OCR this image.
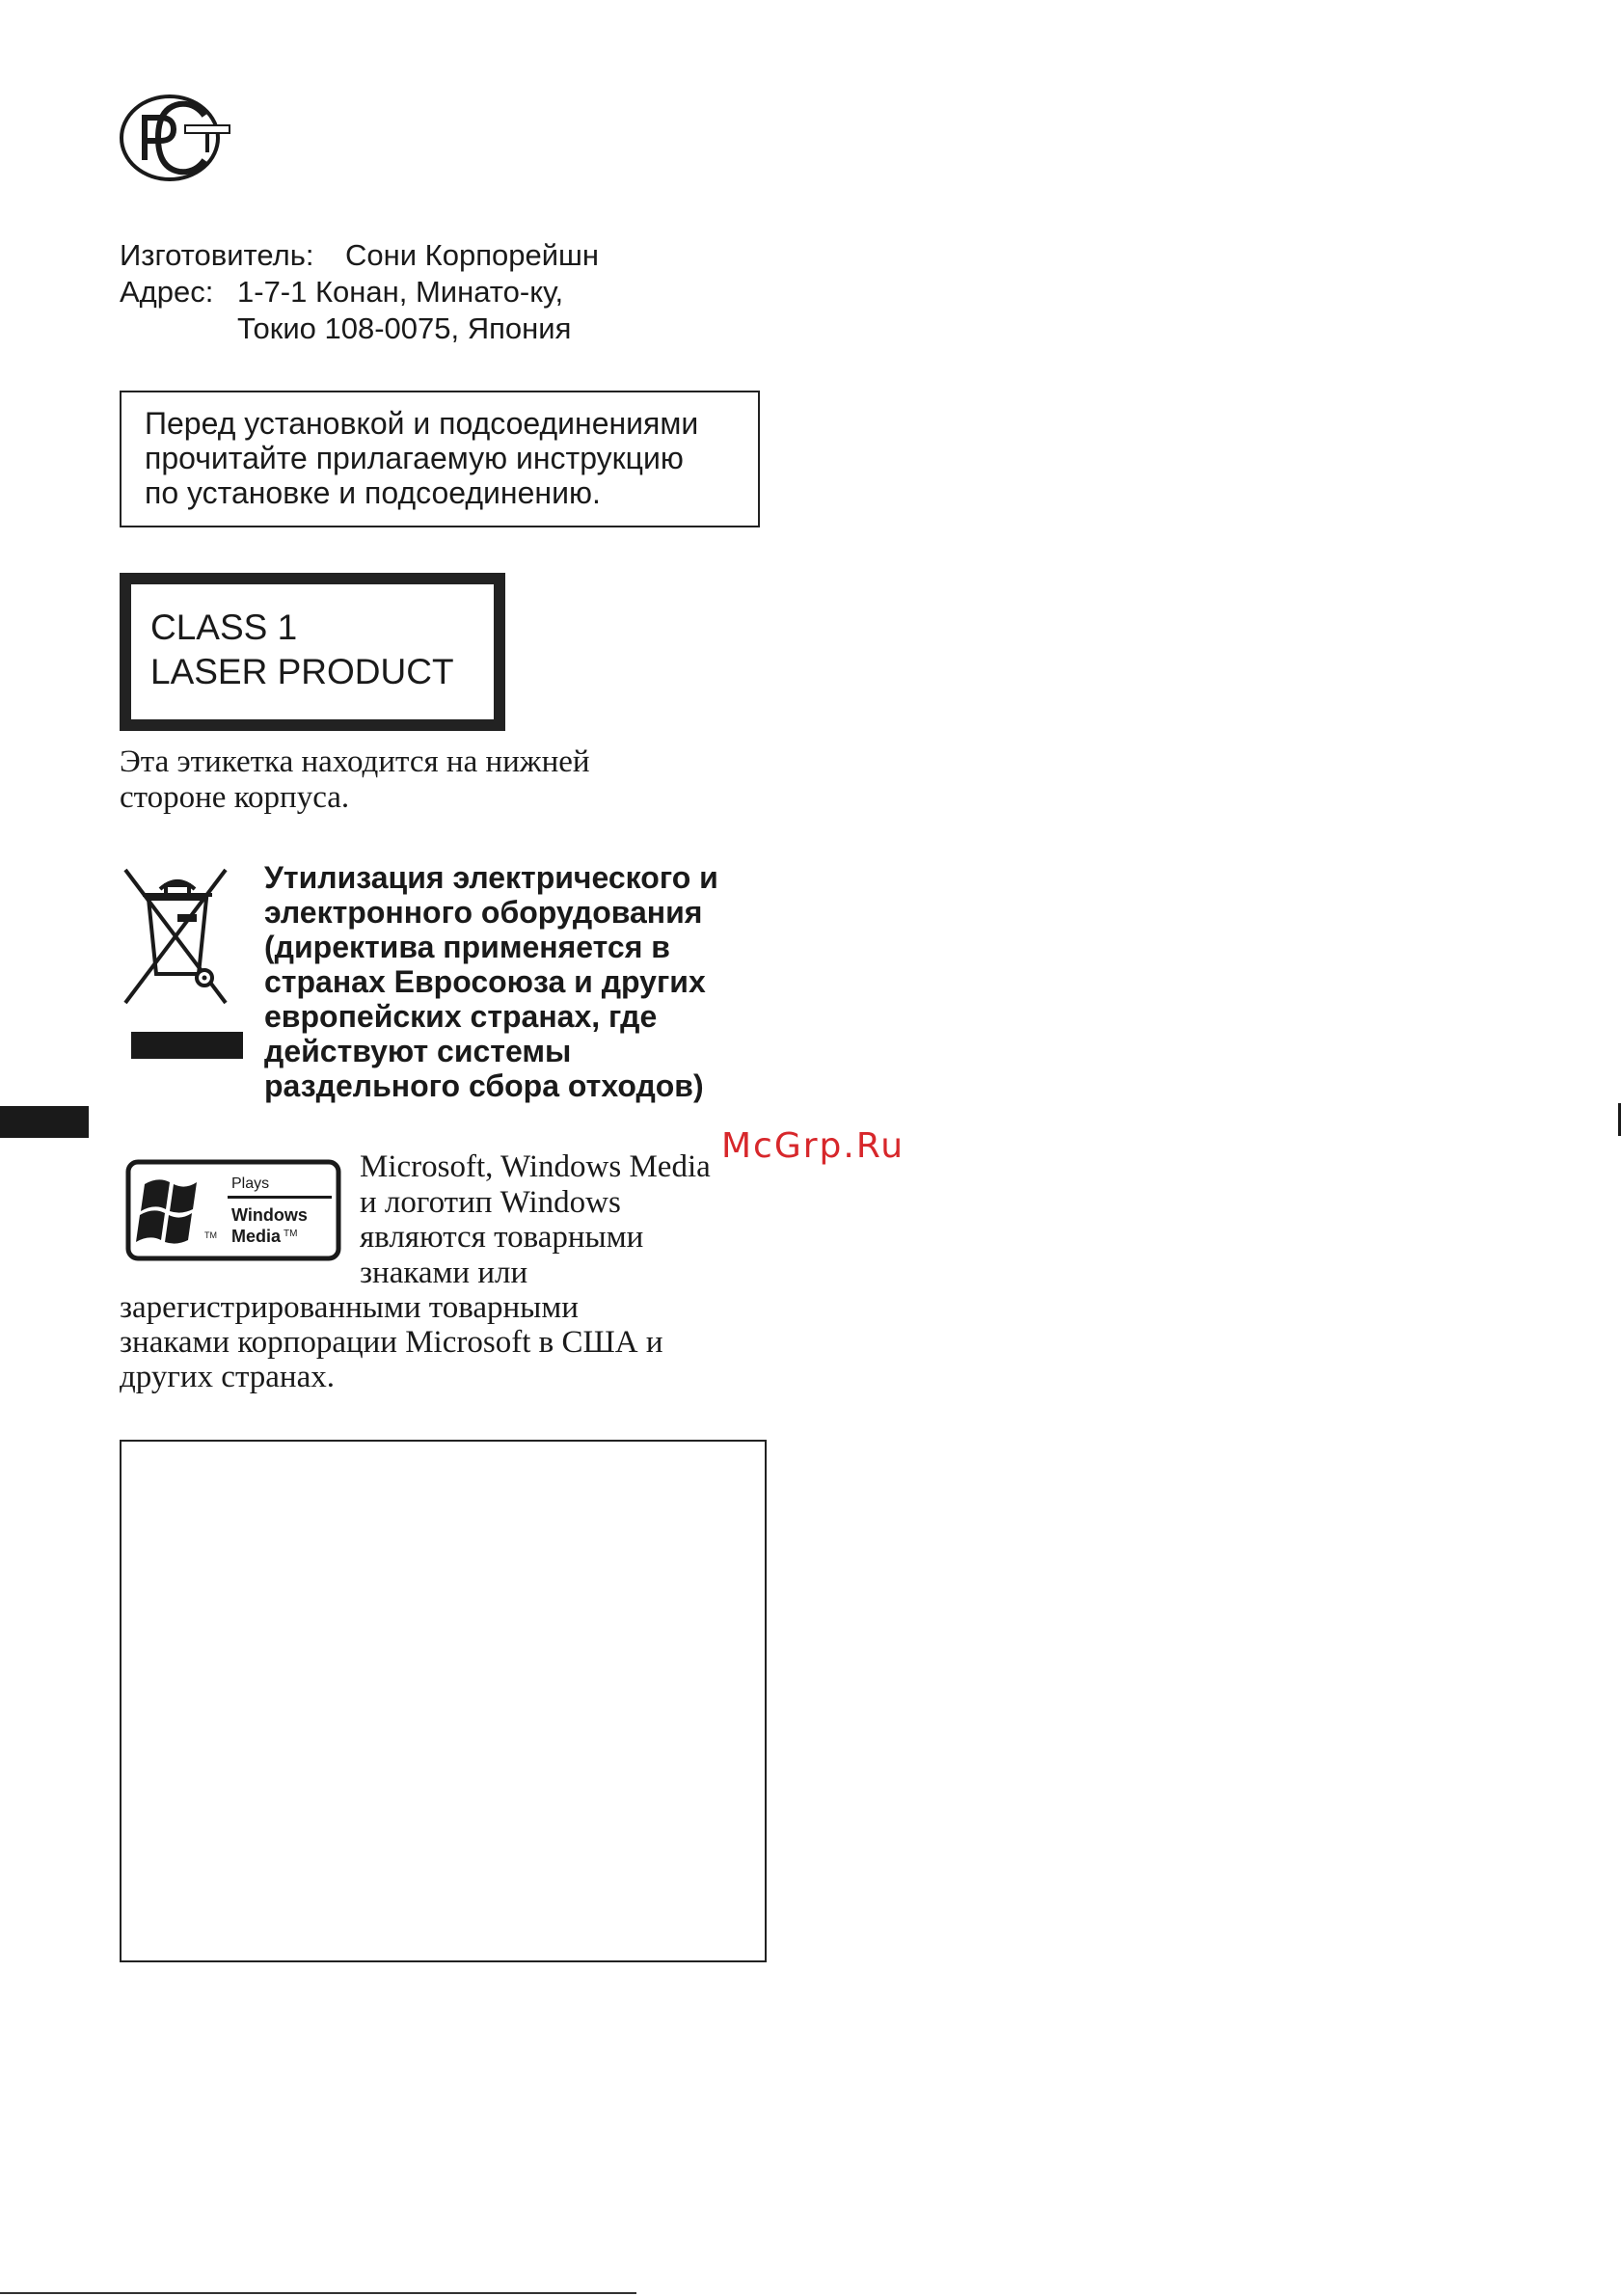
Изготовитель:	Сони Корпорейшн
Адрес: 1-7-1 Конан, Минато-ку,
Токио 108-0075, Япония
Перед установкой и подсоединениями
прочитайте прилагаемую инструкцию
по установке и подсоединению.
CLASS 1
LASER PRODUCT
Эта этикетка находится на нижней
стороне корпуса.
Утилизация электрического и
электронного оборудования
(директива применяется в
странах Евросоюза и других
европейских странах, где
действуют системы
раздельного сбора отходов)
McGrp.Ru
TM
Plays
Windows
Media TM
Microsoft, Windows Media
и логотип Windows
являются товарными
знаками или
зарегистрированными товарными
знаками корпорации Microsoft в США и
других странах.
